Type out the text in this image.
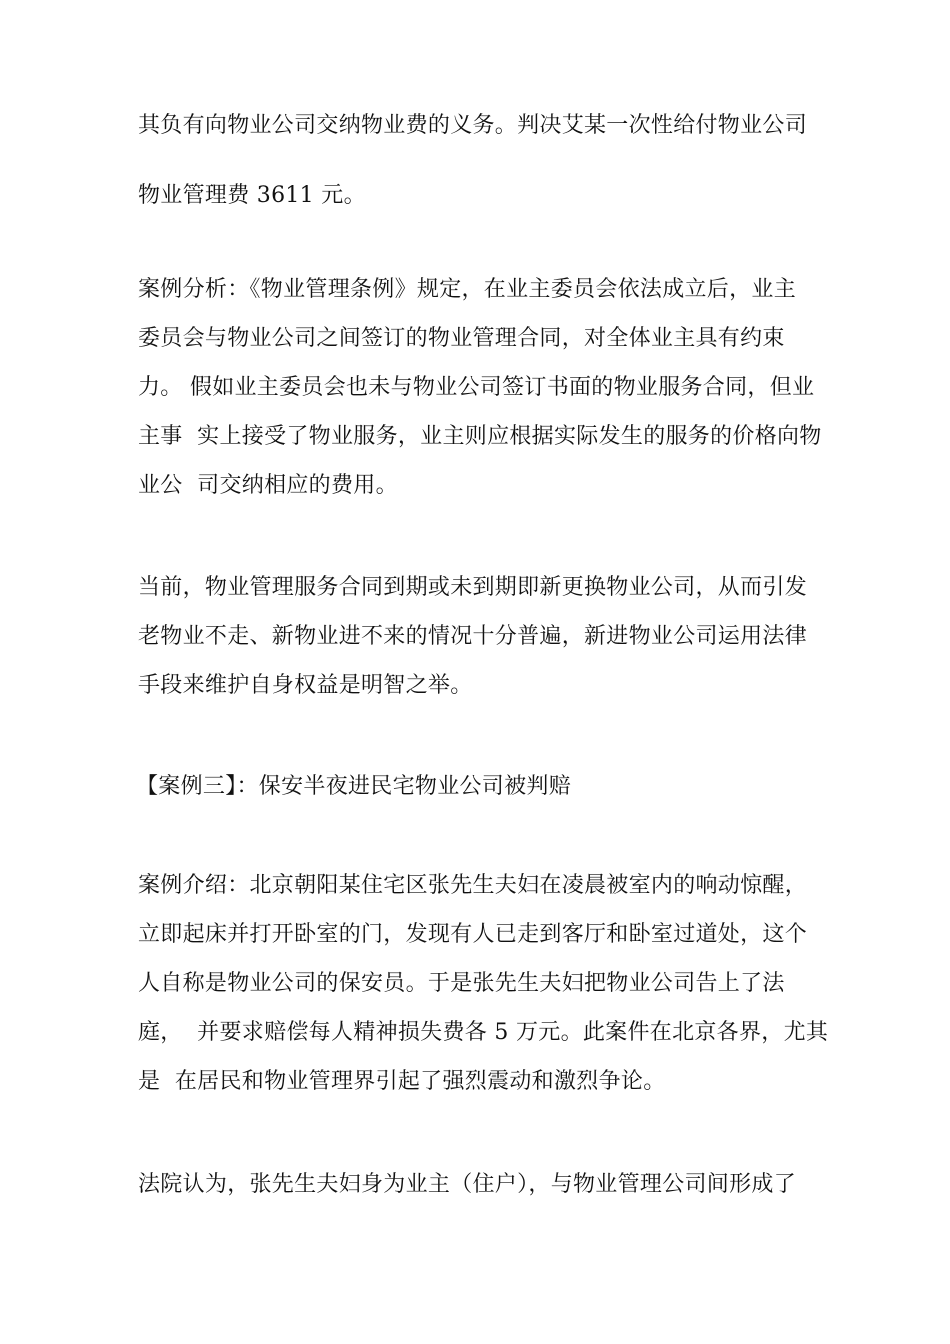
其负有向物业公司交纳物业费的义务。判决艾某一次性给付物业公司
物业管理费 3611 元。
案例分析：《物业管理条例》规定，在业主委员会依法成立后，业主
委员会与物业公司之间签订的物业管理合同，对全体业主具有约束
力。 假如业主委员会也未与物业公司签订书面的物业服务合同，但业
主事  实上接受了物业服务，业主则应根据实际发生的服务的价格向物
业公  司交纳相应的费用。
当前，物业管理服务合同到期或未到期即新更换物业公司，从而引发
老物业不走、新物业进不来的情况十分普遍，新进物业公司运用法律
手段来维护自身权益是明智之举。
【案例三】：保安半夜进民宅物业公司被判赔
案例介绍：北京朝阳某住宅区张先生夫妇在凌晨被室内的响动惊醒，
立即起床并打开卧室的门，发现有人已走到客厅和卧室过道处，这个
人自称是物业公司的保安员。于是张先生夫妇把物业公司告上了法
庭，  并要求赔偿每人精神损失费各 5 万元。此案件在北京各界，尤其
是  在居民和物业管理界引起了强烈震动和激烈争论。
法院认为，张先生夫妇身为业主（住户），与物业管理公司间形成了
